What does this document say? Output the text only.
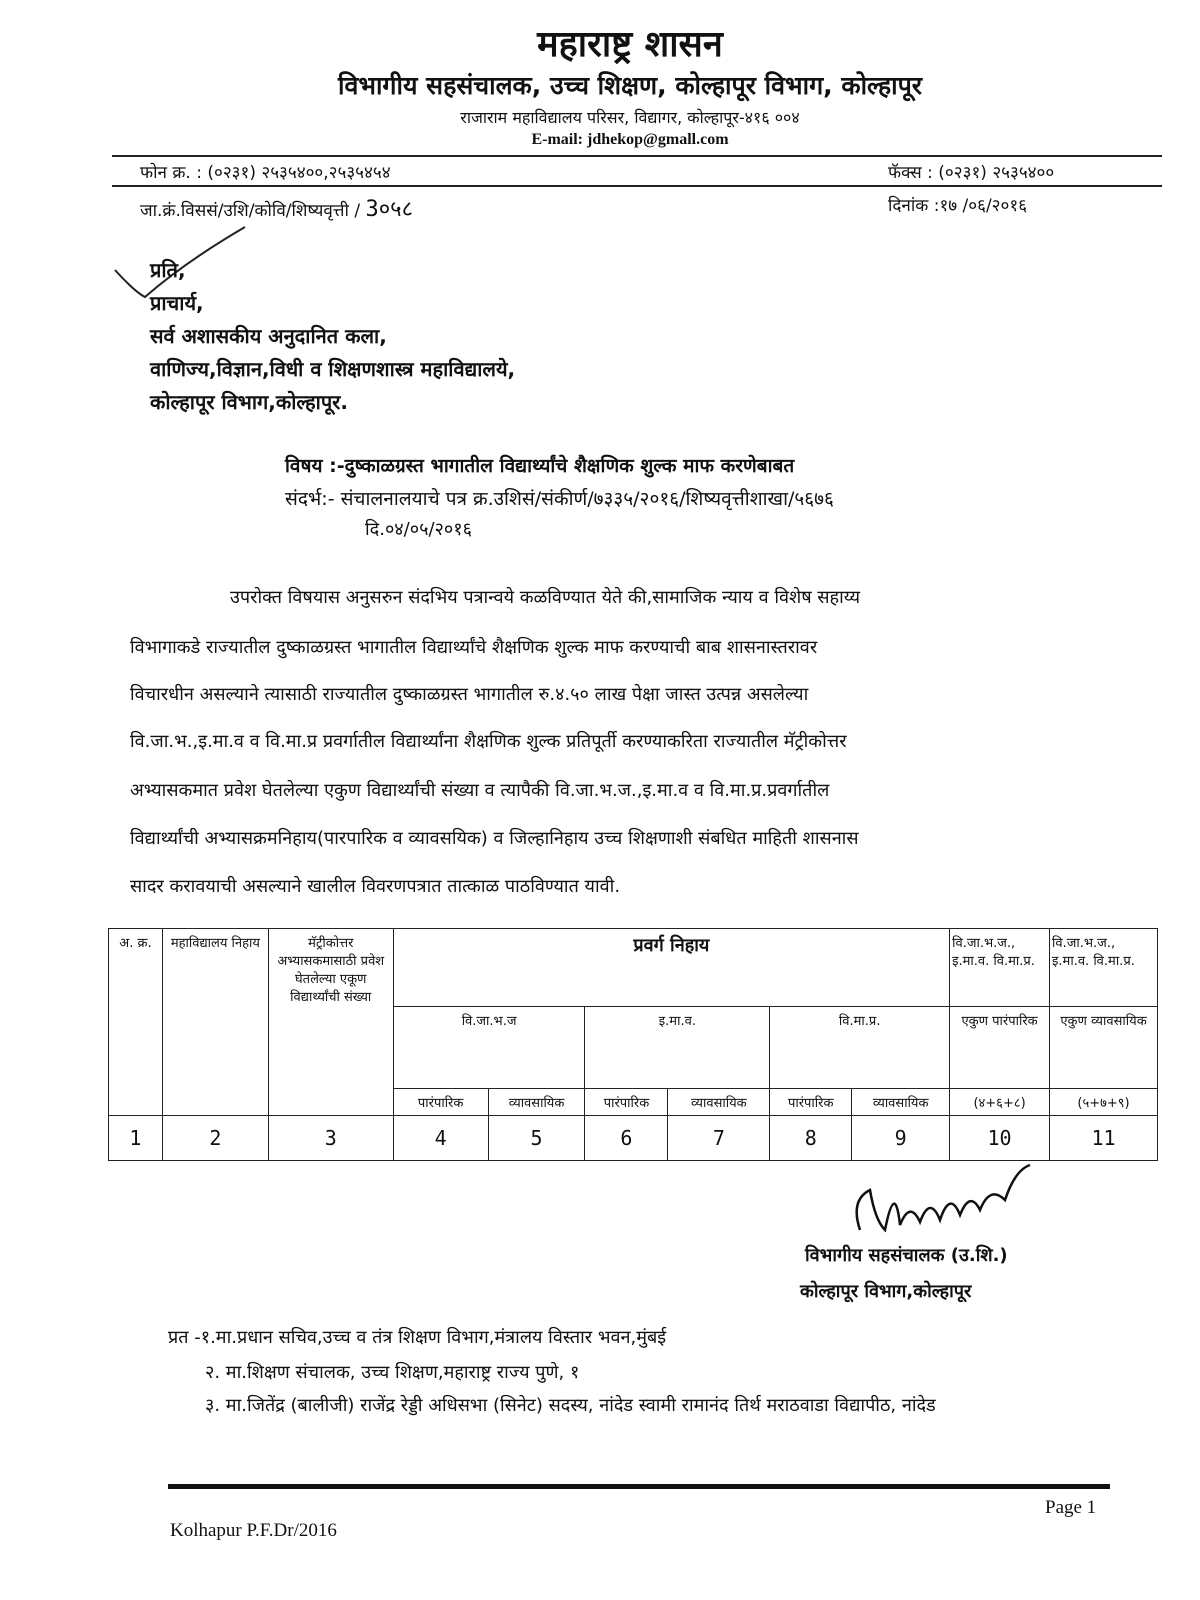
महाराष्ट्र शासन
विभागीय सहसंचालक, उच्च शिक्षण, कोल्हापूर विभाग, कोल्हापूर
राजाराम महाविद्यालय परिसर, विद्यागर, कोल्हापूर-४१६ ००४
E-mail: jdhekop@gmall.com
फोन क्र. : (०२३१) २५३५४००,२५३५४५४	फॅक्स : (०२३१) २५३५४००
जा.क्रं.विससं/उशि/कोवि/शिष्यवृत्ती / 3०५८	दिनांक :१७ /०६/२०१६
प्रति,
प्राचार्य,
सर्व अशासकीय अनुदानित कला,
वाणिज्य,विज्ञान,विधी व शिक्षणशास्त्र महाविद्यालये,
कोल्हापूर विभाग,कोल्हापूर.
विषय :-दुष्काळग्रस्त भागातील विद्यार्थ्यांचे शैक्षणिक शुल्क माफ करणेबाबत
संदर्भ:- संचालनालयाचे पत्र क्र.उशिसं/संकीर्ण/७३३५/२०१६/शिष्यवृत्तीशाखा/५६७६
दि.०४/०५/२०१६
उपरोक्त विषयास अनुसरुन संदभिय पत्रान्वये कळविण्यात येते की,सामाजिक न्याय व विशेष सहाय्य
विभागाकडे राज्यातील दुष्काळग्रस्त भागातील विद्यार्थ्यांचे शैक्षणिक शुल्क माफ करण्याची बाब शासनास्तरावर
विचारधीन असल्याने त्यासाठी राज्यातील दुष्काळग्रस्त भागातील रु.४.५० लाख पेक्षा जास्त उत्पन्न असलेल्या
वि.जा.भ.,इ.मा.व व वि.मा.प्र प्रवर्गातील विद्यार्थ्यांना शैक्षणिक शुल्क प्रतिपूर्ती करण्याकरिता राज्यातील मॅट्रीकोत्तर
अभ्यासकमात प्रवेश घेतलेल्या एकुण विद्यार्थ्यांची संख्या व त्यापैकी वि.जा.भ.ज.,इ.मा.व व वि.मा.प्र.प्रवर्गातील
विद्यार्थ्यांची अभ्यासक्रमनिहाय(पारपारिक व व्यावसयिक) व जिल्हानिहाय उच्च शिक्षणाशी संबधित माहिती शासनास
सादर करावयाची असल्याने खालील विवरणपत्रात तात्काळ पाठविण्यात यावी.
अ. क्र.	महाविद्यालय निहाय	मॅट्रीकोत्तर अभ्यासकमासाठी प्रवेश घेतलेल्या एकूण विद्यार्थ्यांची संख्या	प्रवर्ग निहाय						वि.जा.भ.ज., इ.मा.व. वि.मा.प्र.	वि.जा.भ.ज., इ.मा.व. वि.मा.प्र.
			वि.जा.भ.ज		इ.मा.व.		वि.मा.प्र.		एकुण पारंपारिक	एकुण व्यावसायिक
			पारंपारिक	व्यावसायिक	पारंपारिक	व्यावसायिक	पारंपारिक	व्यावसायिक	(४+६+८)	(५+७+९)
1	2	3	4	5	6	7	8	9	10	11
विभागीय सहसंचालक (उ.शि.)
कोल्हापूर विभाग,कोल्हापूर
प्रत -१.मा.प्रधान सचिव,उच्च व तंत्र शिक्षण विभाग,मंत्रालय विस्तार भवन,मुंबई
२. मा.शिक्षण संचालक, उच्च शिक्षण,महाराष्ट्र राज्य पुणे, १
३. मा.जितेंद्र (बालीजी) राजेंद्र रेड्डी अधिसभा (सिनेट) सदस्य, नांदेड स्वामी रामानंद तिर्थ मराठवाडा विद्यापीठ, नांदेड
Page 1
Kolhapur P.F.Dr/2016
